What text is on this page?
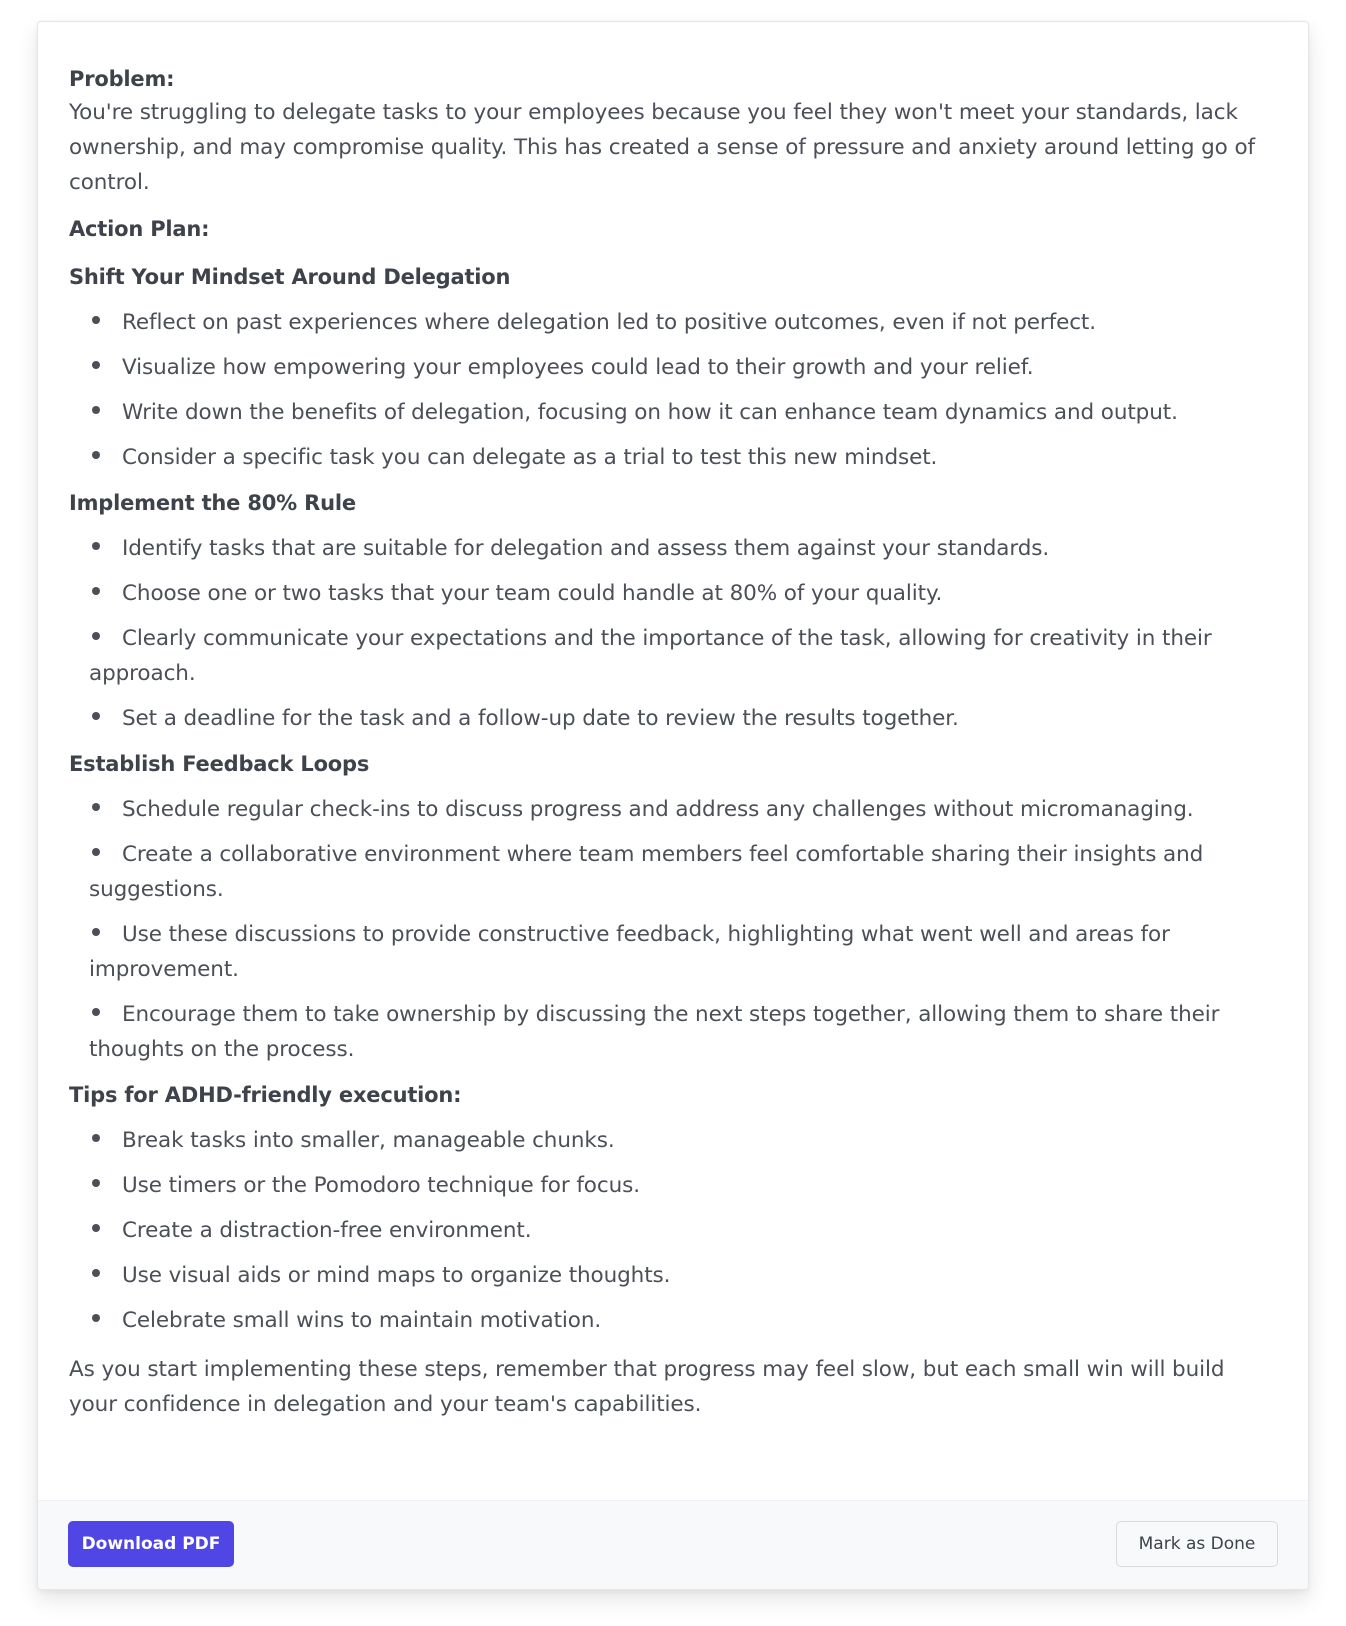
Problem:

You're struggling to delegate tasks to your employees because you feel they won't meet your standards, lack ownership, and may compromise quality. This has created a sense of pressure and anxiety around letting go of control.

Action Plan:

Shift Your Mindset Around Delegation

Reflect on past experiences where delegation led to positive outcomes, even if not perfect.
Visualize how empowering your employees could lead to their growth and your relief.
Write down the benefits of delegation, focusing on how it can enhance team dynamics and output.
Consider a specific task you can delegate as a trial to test this new mindset.

Implement the 80% Rule

Identify tasks that are suitable for delegation and assess them against your standards.
Choose one or two tasks that your team could handle at 80% of your quality.
Clearly communicate your expectations and the importance of the task, allowing for creativity in their approach.
Set a deadline for the task and a follow-up date to review the results together.

Establish Feedback Loops

Schedule regular check-ins to discuss progress and address any challenges without micromanaging.
Create a collaborative environment where team members feel comfortable sharing their insights and suggestions.
Use these discussions to provide constructive feedback, highlighting what went well and areas for improvement.
Encourage them to take ownership by discussing the next steps together, allowing them to share their thoughts on the process.

Tips for ADHD-friendly execution:

Break tasks into smaller, manageable chunks.
Use timers or the Pomodoro technique for focus.
Create a distraction-free environment.
Use visual aids or mind maps to organize thoughts.
Celebrate small wins to maintain motivation.

As you start implementing these steps, remember that progress may feel slow, but each small win will build your confidence in delegation and your team's capabilities.

Download PDF	Mark as Done
